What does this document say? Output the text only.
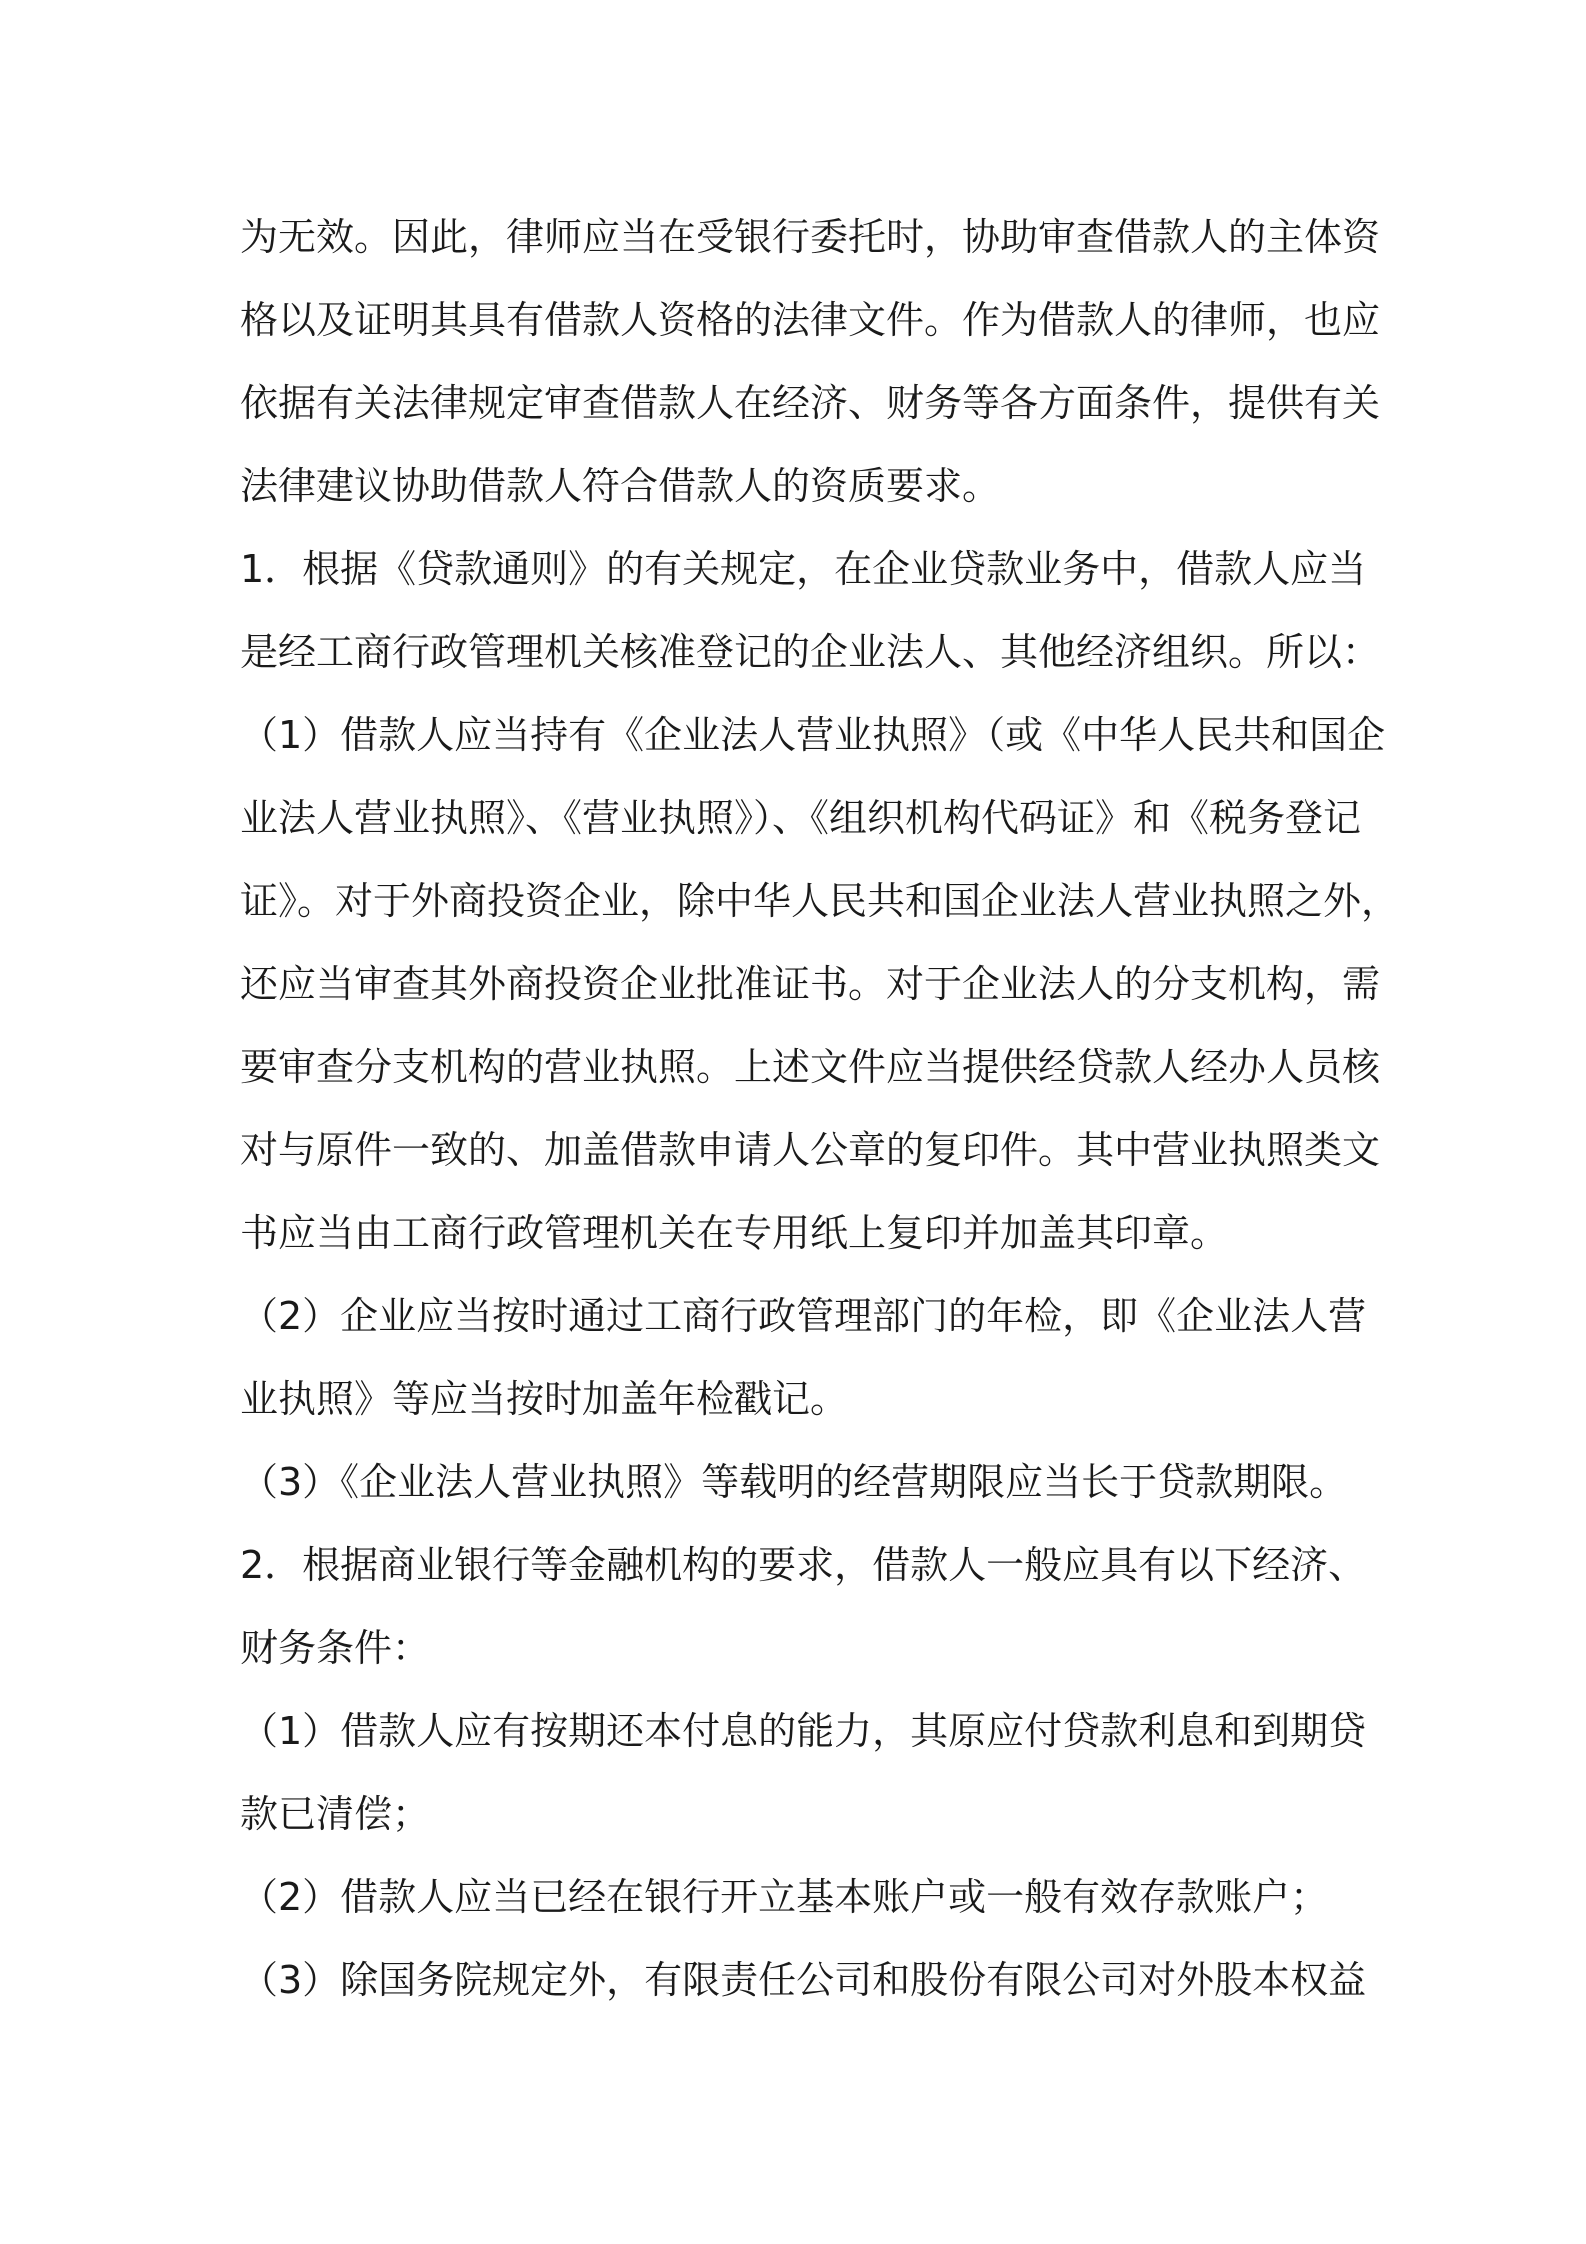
为无效。因此，律师应当在受银行委托时，协助审查借款人的主体资
格以及证明其具有借款人资格的法律文件。作为借款人的律师，也应
依据有关法律规定审查借款人在经济、财务等各方面条件，提供有关
法律建议协助借款人符合借款人的资质要求。
1．根据《贷款通则》的有关规定，在企业贷款业务中，借款人应当
是经工商行政管理机关核准登记的企业法人、其他经济组织。所以：
（1）借款人应当持有《企业法人营业执照》（或《中华人民共和国企
业法人营业执照》、《营业执照》）、《组织机构代码证》和《税务登记
证》。对于外商投资企业，除中华人民共和国企业法人营业执照之外，
还应当审查其外商投资企业批准证书。对于企业法人的分支机构，需
要审查分支机构的营业执照。上述文件应当提供经贷款人经办人员核
对与原件一致的、加盖借款申请人公章的复印件。其中营业执照类文
书应当由工商行政管理机关在专用纸上复印并加盖其印章。
（2）企业应当按时通过工商行政管理部门的年检，即《企业法人营
业执照》等应当按时加盖年检戳记。
（3）《企业法人营业执照》等载明的经营期限应当长于贷款期限。
2．根据商业银行等金融机构的要求，借款人一般应具有以下经济、
财务条件：
（1）借款人应有按期还本付息的能力，其原应付贷款利息和到期贷
款已清偿；
（2）借款人应当已经在银行开立基本账户或一般有效存款账户；
（3）除国务院规定外，有限责任公司和股份有限公司对外股本权益
